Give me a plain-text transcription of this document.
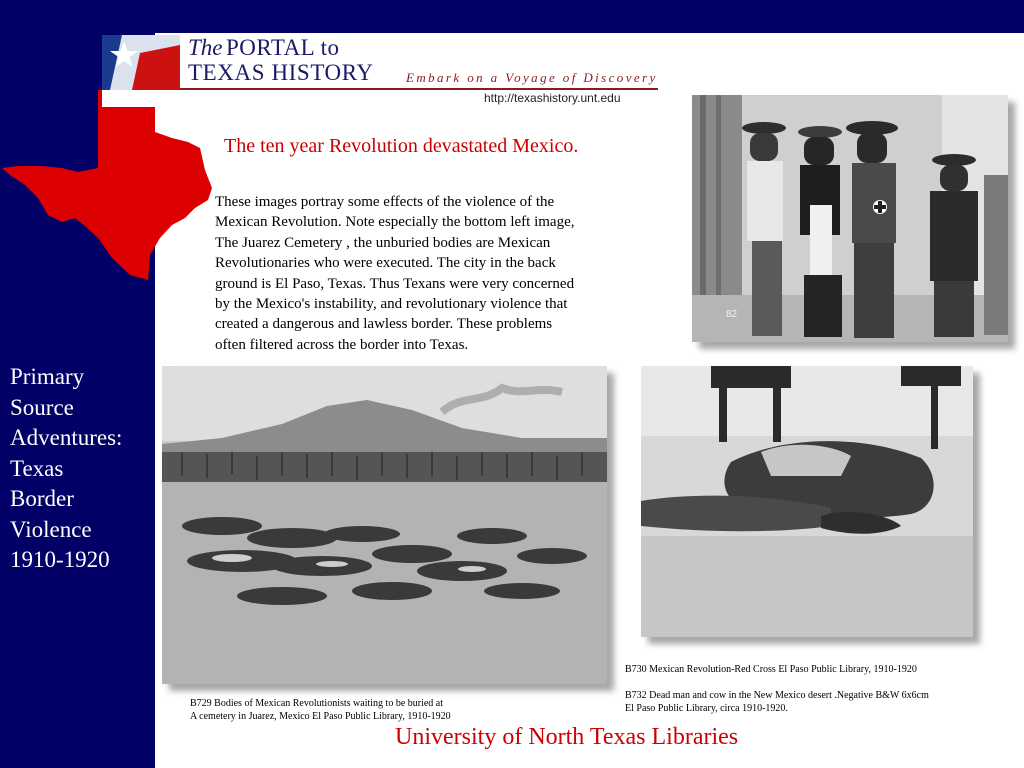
Primary
Source
Adventures:
Texas
Border
Violence
1910-1920
The PORTAL to
TEXAS HISTORY Embark on a Voyage of Discovery
http://texashistory.unt.edu
The ten year Revolution devastated Mexico.
These images portray some effects of the violence of the
Mexican Revolution. Note especially the bottom left image,
The Juarez Cemetery , the unburied bodies are Mexican
Revolutionaries who were executed. The city in the back
ground is El Paso, Texas. Thus Texans were very concerned
by the Mexico's instability, and revolutionary violence that
created a dangerous and lawless border. These problems
often filtered across the border into Texas.
82
B729 Bodies of Mexican Revolutionists waiting to be buried at
A cemetery in Juarez, Mexico El Paso Public Library, 1910-1920
B730 Mexican Revolution-Red Cross El Paso Public Library, 1910-1920
B732 Dead man and cow in the New Mexico desert .Negative B&W 6x6cm
El Paso Public Library, circa 1910-1920.
University of North Texas Libraries
